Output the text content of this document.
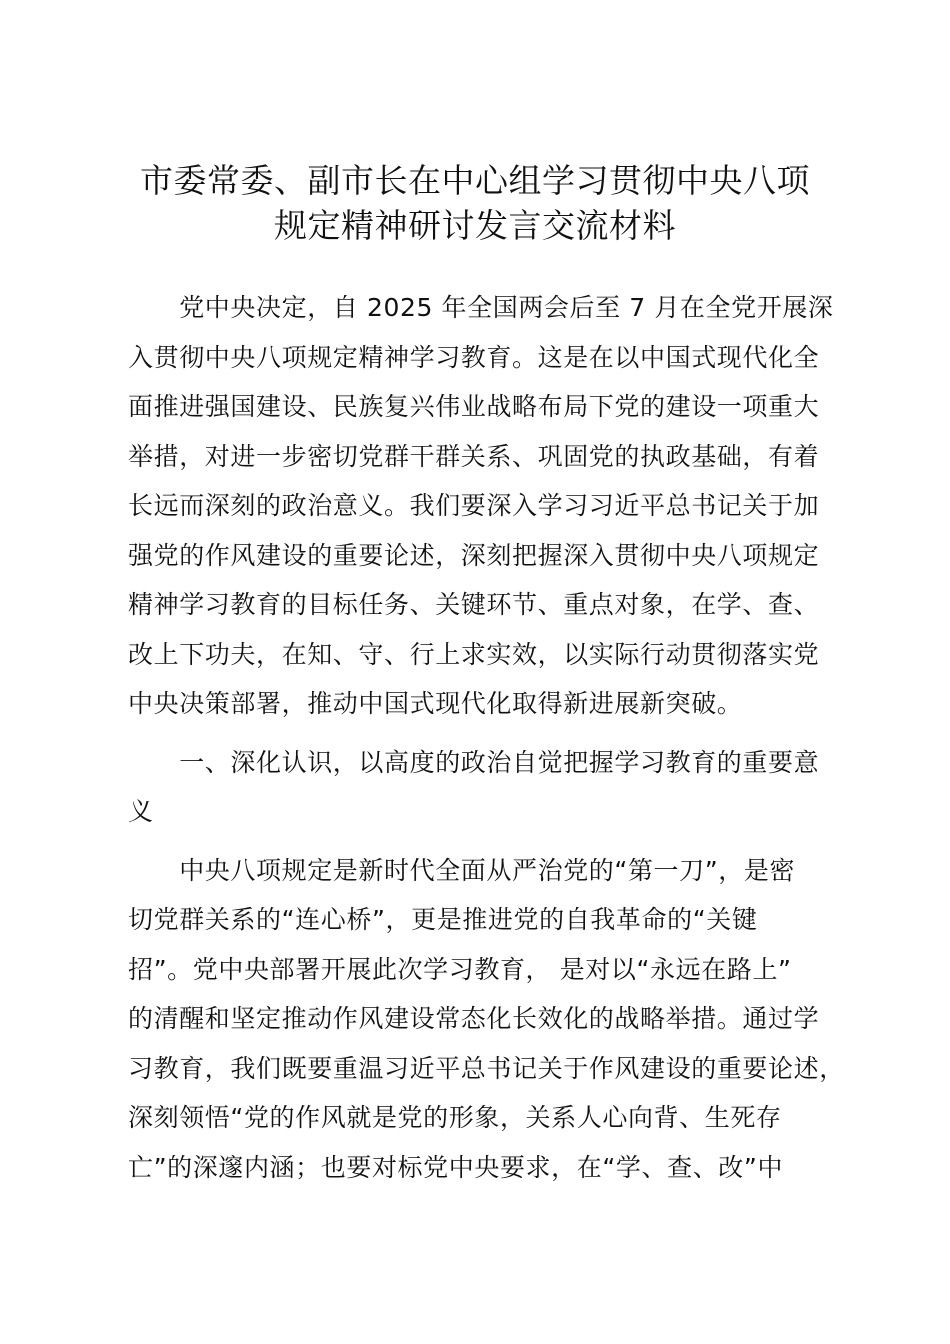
市委常委、副市长在中心组学习贯彻中央八项
规定精神研讨发言交流材料
　　党中央决定，自 2025 年全国两会后至 7 月在全党开展深
入贯彻中央八项规定精神学习教育。这是在以中国式现代化全
面推进强国建设、民族复兴伟业战略布局下党的建设一项重大
举措，对进一步密切党群干群关系、巩固党的执政基础，有着
长远而深刻的政治意义。我们要深入学习习近平总书记关于加
强党的作风建设的重要论述，深刻把握深入贯彻中央八项规定
精神学习教育的目标任务、关键环节、重点对象，在学、查、
改上下功夫，在知、守、行上求实效，以实际行动贯彻落实党
中央决策部署，推动中国式现代化取得新进展新突破。
　　一、深化认识，以高度的政治自觉把握学习教育的重要意
义
　　中央八项规定是新时代全面从严治党的“第一刀”，是密
切党群关系的“连心桥”，更是推进党的自我革命的“关键
招”。党中央部署开展此次学习教育， 是对以“永远在路上”
的清醒和坚定推动作风建设常态化长效化的战略举措。通过学
习教育，我们既要重温习近平总书记关于作风建设的重要论述，
深刻领悟“党的作风就是党的形象，关系人心向背、生死存
亡”的深邃内涵；也要对标党中央要求，在“学、查、改”中
